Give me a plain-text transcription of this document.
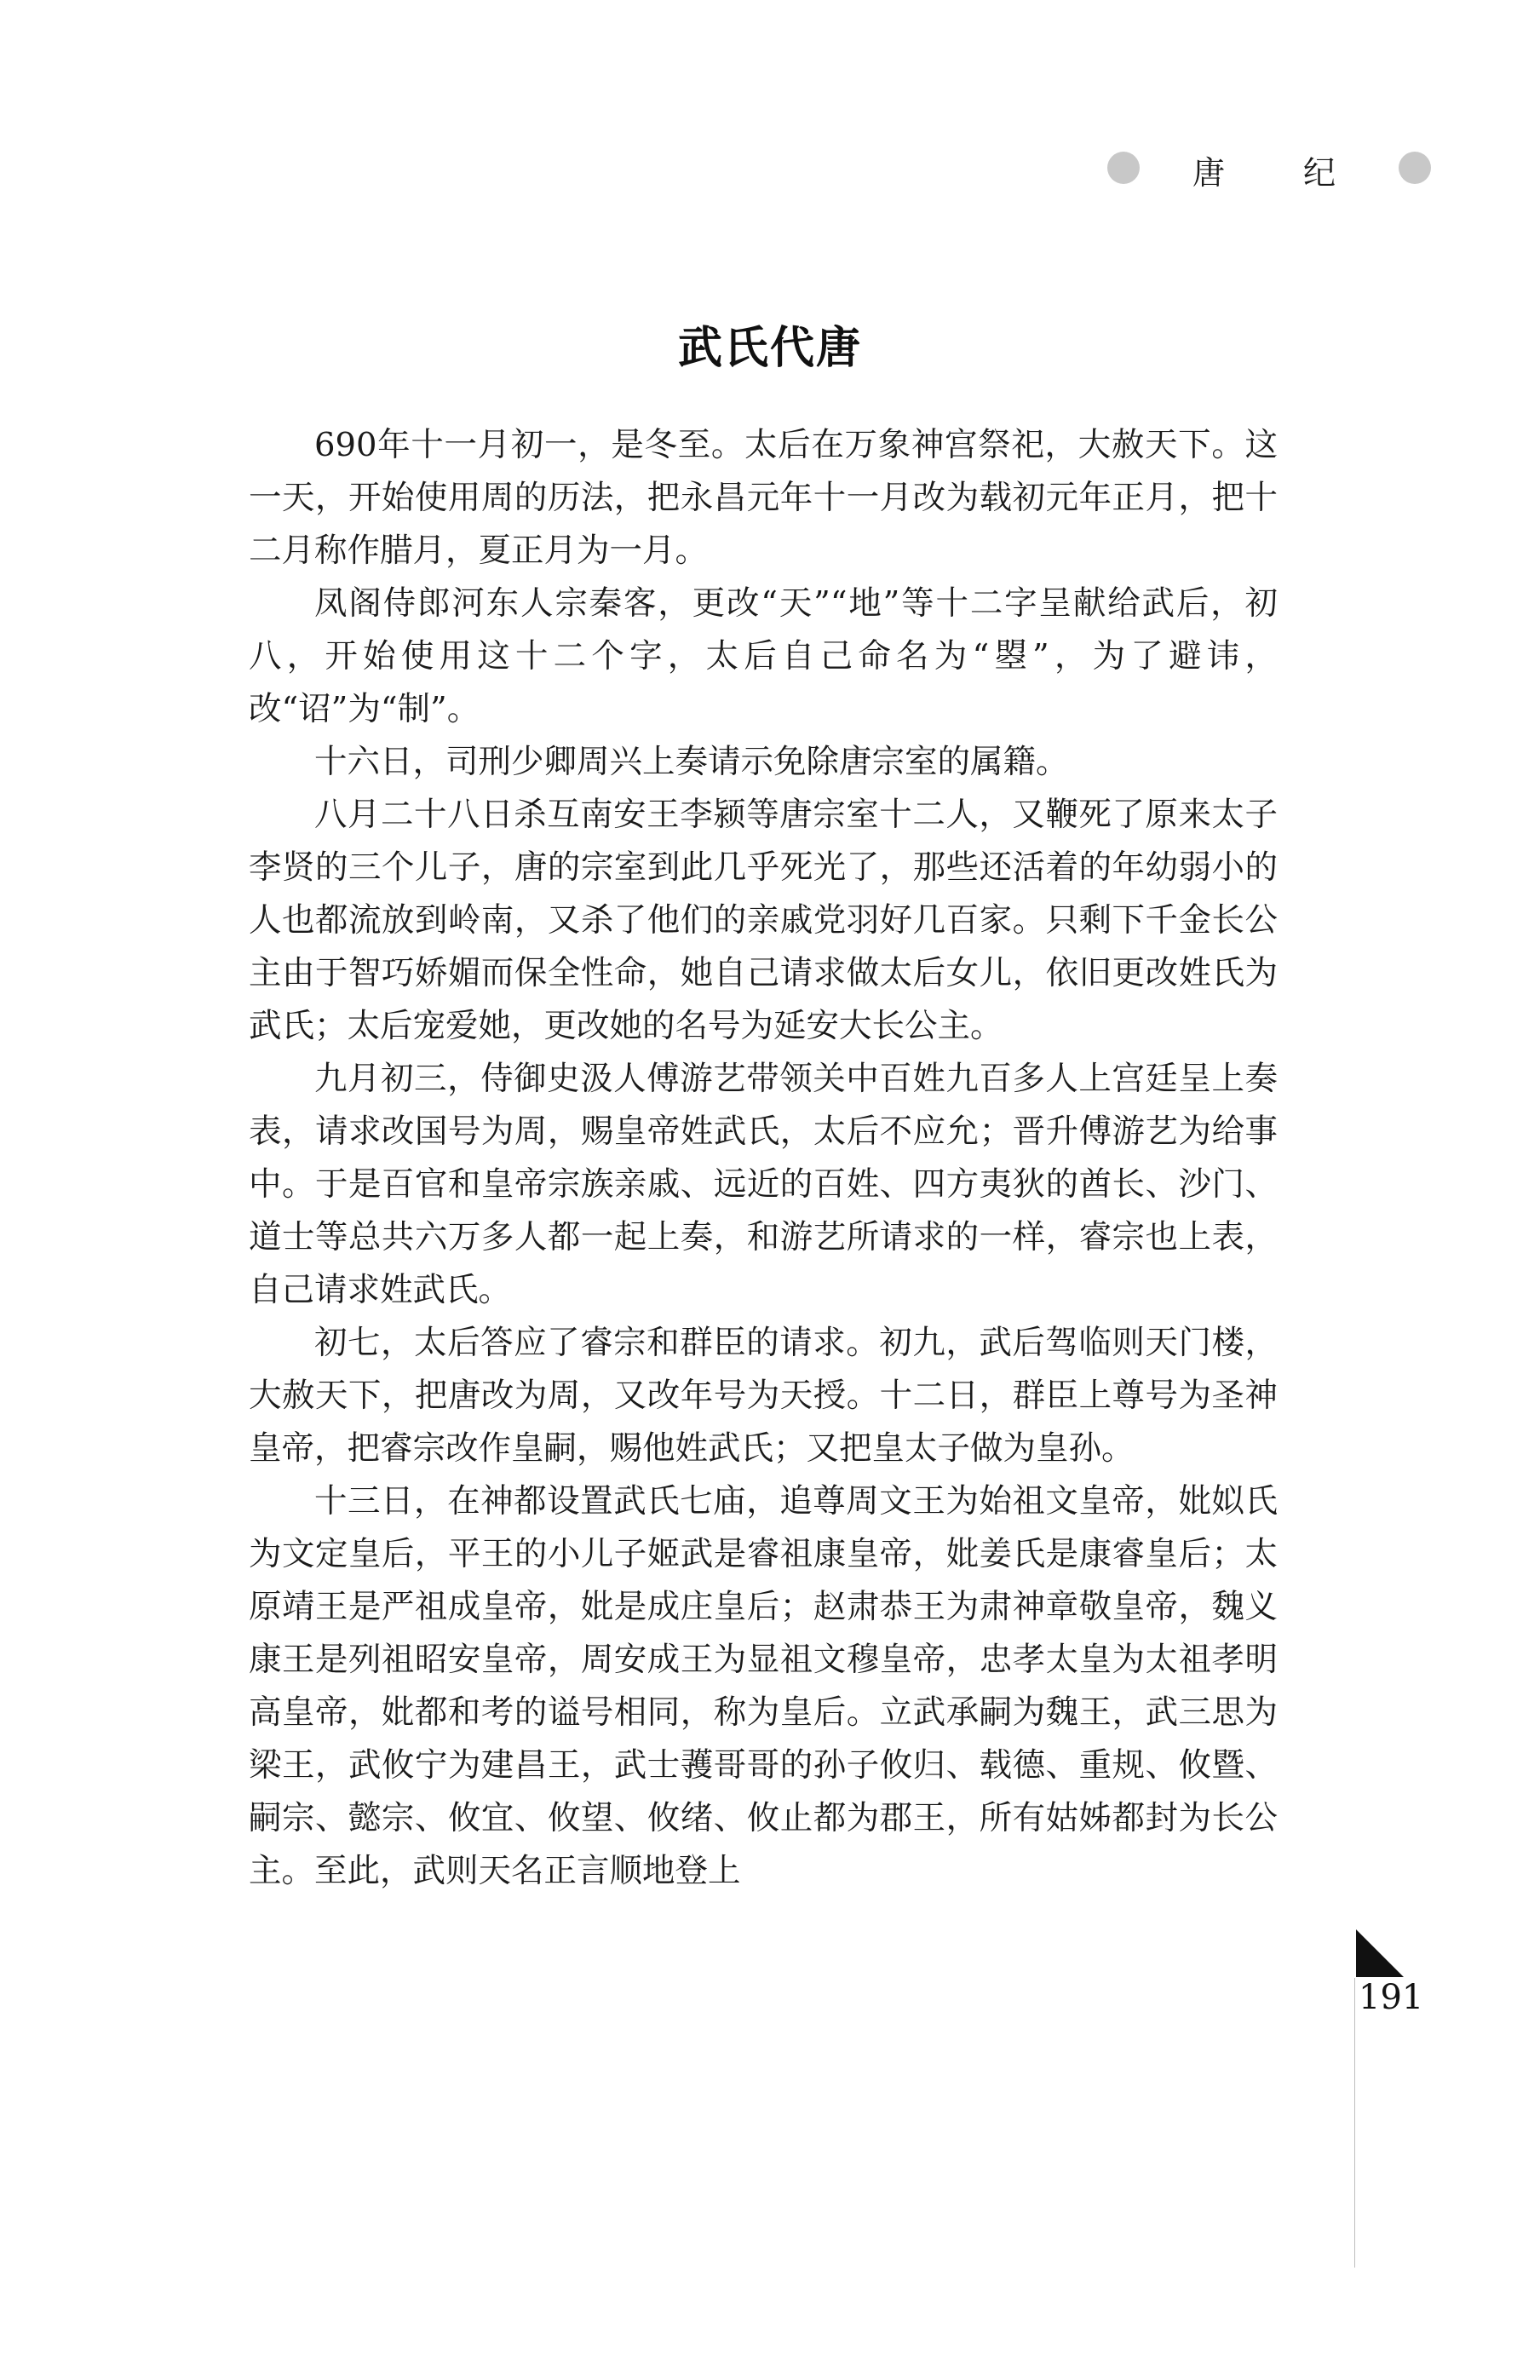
唐 纪
武氏代唐

690年十一月初一，是冬至。太后在万象神宫祭祀，大赦天下。这一天，开始使用周的历法，把永昌元年十一月改为载初元年正月，把十二月称作腊月，夏正月为一月。

凤阁侍郎河东人宗秦客，更改“天”“地”等十二字呈献给武后，初八，开始使用这十二个字，太后自己命名为“曌”，为了避讳，改“诏”为“制”。

十六日，司刑少卿周兴上奏请示免除唐宗室的属籍。

八月二十八日杀互南安王李颍等唐宗室十二人，又鞭死了原来太子李贤的三个儿子，唐的宗室到此几乎死光了，那些还活着的年幼弱小的人也都流放到岭南，又杀了他们的亲戚党羽好几百家。只剩下千金长公主由于智巧娇媚而保全性命，她自己请求做太后女儿，依旧更改姓氏为武氏；太后宠爱她，更改她的名号为延安大长公主。

九月初三，侍御史汲人傅游艺带领关中百姓九百多人上宫廷呈上奏表，请求改国号为周，赐皇帝姓武氏，太后不应允；晋升傅游艺为给事中。于是百官和皇帝宗族亲戚、远近的百姓、四方夷狄的酋长、沙门、道士等总共六万多人都一起上奏，和游艺所请求的一样，睿宗也上表，自己请求姓武氏。

初七，太后答应了睿宗和群臣的请求。初九，武后驾临则天门楼，大赦天下，把唐改为周，又改年号为天授。十二日，群臣上尊号为圣神皇帝，把睿宗改作皇嗣，赐他姓武氏；又把皇太子做为皇孙。

十三日，在神都设置武氏七庙，追尊周文王为始祖文皇帝，妣姒氏为文定皇后，平王的小儿子姬武是睿祖康皇帝，妣姜氏是康睿皇后；太原靖王是严祖成皇帝，妣是成庄皇后；赵肃恭王为肃神章敬皇帝，魏义康王是列祖昭安皇帝，周安成王为显祖文穆皇帝，忠孝太皇为太祖孝明高皇帝，妣都和考的谥号相同，称为皇后。立武承嗣为魏王，武三思为梁王，武攸宁为建昌王，武士彟哥哥的孙子攸归、载德、重规、攸暨、嗣宗、懿宗、攸宜、攸望、攸绪、攸止都为郡王，所有姑姊都封为长公主。至此，武则天名正言顺地登上

191
